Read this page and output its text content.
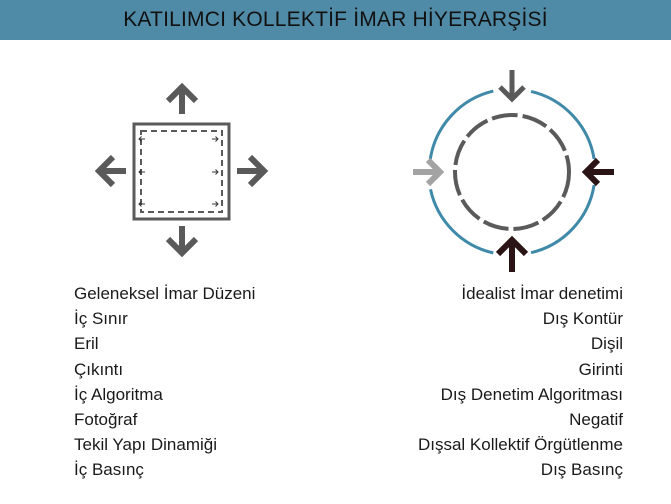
KATILIMCI KOLLEKTİF İMAR HİYERARŞİSİ
Geleneksel İmar Düzeni
İç Sınır
Eril
Çıkıntı
İç Algoritma
Fotoğraf
Tekil Yapı Dinamiği
İç Basınç
İdealist İmar denetimi
Dış Kontür
Dişil
Girinti
Dış Denetim Algoritması
Negatif
Dışsal Kollektif Örgütlenme
Dış Basınç
